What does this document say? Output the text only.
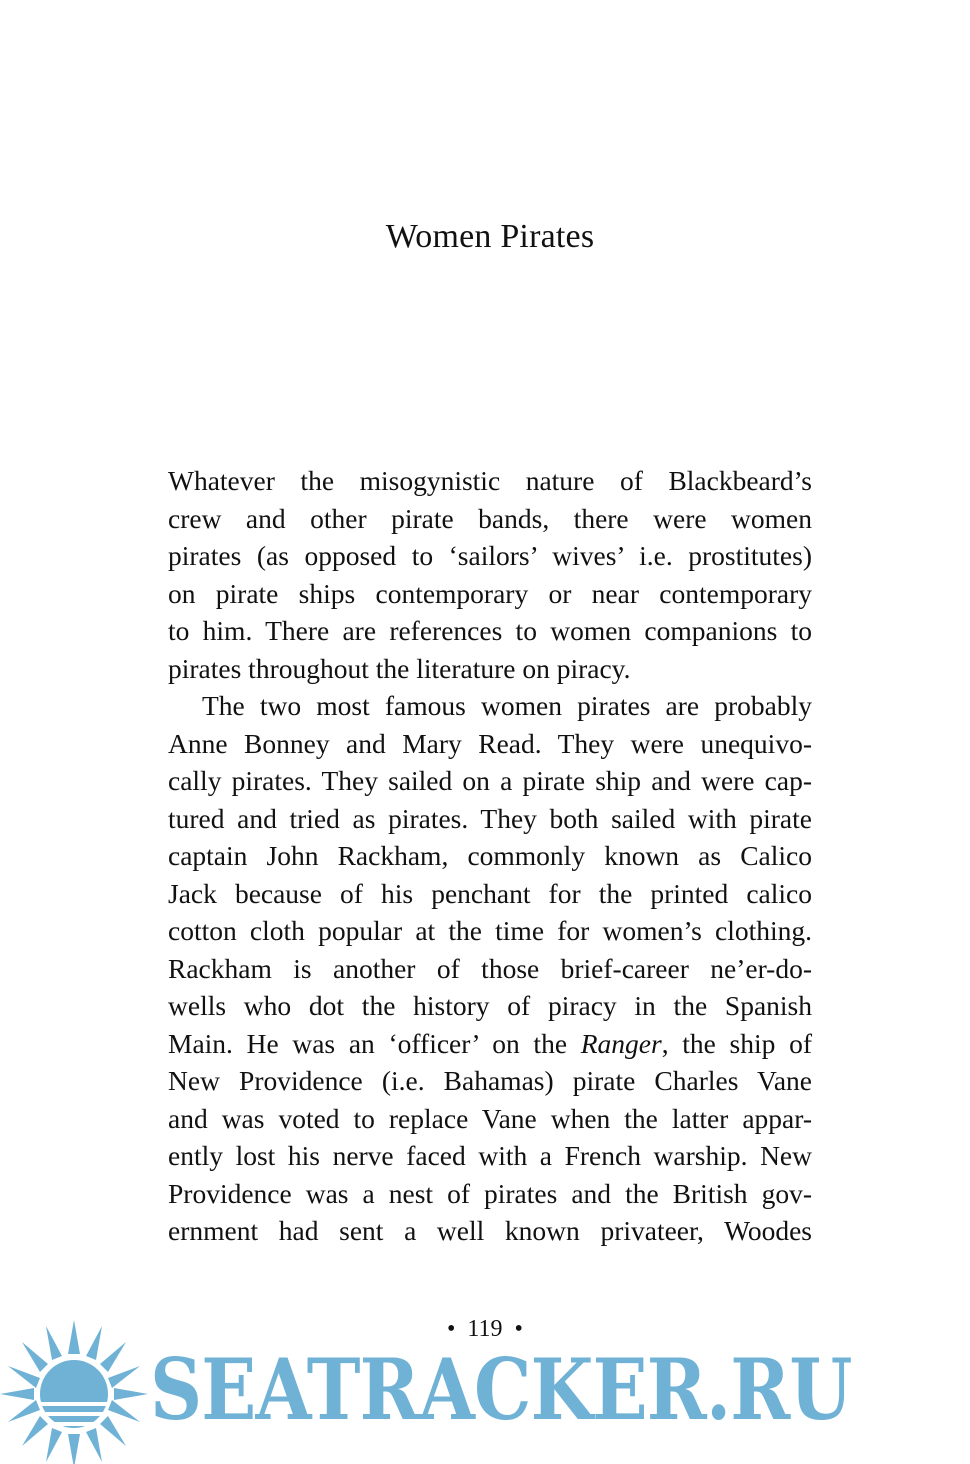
Women Pirates
Whatever the misogynistic nature of Blackbeard’s
crew and other pirate bands, there were women
pirates (as opposed to ‘sailors’ wives’ i.e. prostitutes)
on pirate ships contemporary or near contemporary
to him. There are references to women companions to
pirates throughout the literature on piracy.
The two most famous women pirates are probably
Anne Bonney and Mary Read. They were unequivo-
cally pirates. They sailed on a pirate ship and were cap-
tured and tried as pirates. They both sailed with pirate
captain John Rackham, commonly known as Calico
Jack because of his penchant for the printed calico
cotton cloth popular at the time for women’s clothing.
Rackham is another of those brief-career ne’er-do-
wells who dot the history of piracy in the Spanish
Main. He was an ‘officer’ on the Ranger, the ship of
New Providence (i.e. Bahamas) pirate Charles Vane
and was voted to replace Vane when the latter appar-
ently lost his nerve faced with a French warship. New
Providence was a nest of pirates and the British gov-
ernment had sent a well known privateer, Woodes
• 119 •
SEATRACKER.RU
